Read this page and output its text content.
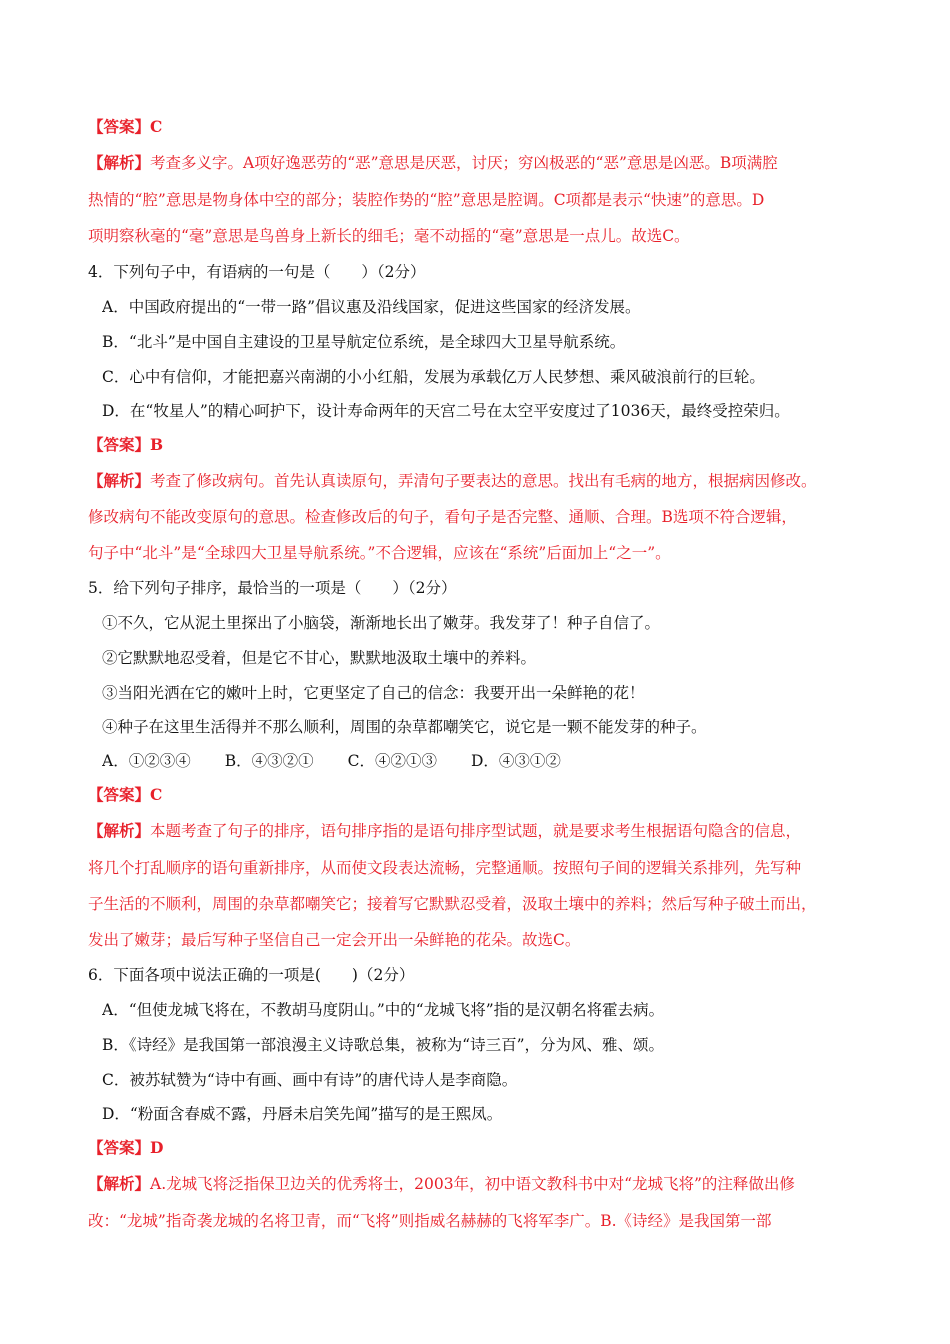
【答案】C
【解析】考查多义字。A项好逸恶劳的“恶”意思是厌恶，讨厌；穷凶极恶的“恶”意思是凶恶。B项满腔
热情的“腔”意思是物身体中空的部分；装腔作势的“腔”意思是腔调。C项都是表示“快速”的意思。D
项明察秋毫的“毫”意思是鸟兽身上新长的细毛；毫不动摇的“毫”意思是一点儿。故选C。
4．下列句子中，有语病的一句是（　　）（2分）
A．中国政府提出的“一带一路”倡议惠及沿线国家，促进这些国家的经济发展。
B．“北斗”是中国自主建设的卫星导航定位系统，是全球四大卫星导航系统。
C．心中有信仰，才能把嘉兴南湖的小小红船，发展为承载亿万人民梦想、乘风破浪前行的巨轮。
D．在“牧星人”的精心呵护下，设计寿命两年的天宫二号在太空平安度过了1036天，最终受控荣归。
【答案】B
【解析】考查了修改病句。首先认真读原句，弄清句子要表达的意思。找出有毛病的地方，根据病因修改。
修改病句不能改变原句的意思。检查修改后的句子，看句子是否完整、通顺、合理。B选项不符合逻辑，
句子中“北斗”是“全球四大卫星导航系统。”不合逻辑，应该在“系统”后面加上“之一”。
5．给下列句子排序，最恰当的一项是（　　）（2分）
①不久，它从泥土里探出了小脑袋，渐渐地长出了嫩芽。我发芽了！种子自信了。
②它默默地忍受着，但是它不甘心，默默地汲取土壤中的养料。
③当阳光洒在它的嫩叶上时，它更坚定了自己的信念：我要开出一朵鲜艳的花！
④种子在这里生活得并不那么顺利，周围的杂草都嘲笑它，说它是一颗不能发芽的种子。
A．①②③④ B．④③②① C．④②①③ D．④③①②
【答案】C
【解析】本题考查了句子的排序，语句排序指的是语句排序型试题，就是要求考生根据语句隐含的信息，
将几个打乱顺序的语句重新排序，从而使文段表达流畅，完整通顺。按照句子间的逻辑关系排列，先写种
子生活的不顺利，周围的杂草都嘲笑它；接着写它默默忍受着，汲取土壤中的养料；然后写种子破土而出，
发出了嫩芽；最后写种子坚信自己一定会开出一朵鲜艳的花朵。故选C。
6．下面各项中说法正确的一项是(　　)（2分）
A．“但使龙城飞将在，不教胡马度阴山。”中的“龙城飞将”指的是汉朝名将霍去病。
B．《诗经》是我国第一部浪漫主义诗歌总集，被称为“诗三百”，分为风、雅、颂。
C．被苏轼赞为“诗中有画、画中有诗”的唐代诗人是李商隐。
D．“粉面含春威不露，丹唇未启笑先闻”描写的是王熙凤。
【答案】D
【解析】A.龙城飞将泛指保卫边关的优秀将士，2003年，初中语文教科书中对“龙城飞将”的注释做出修
改：“龙城”指奇袭龙城的名将卫青，而“飞将”则指威名赫赫的飞将军李广。B.《诗经》是我国第一部
